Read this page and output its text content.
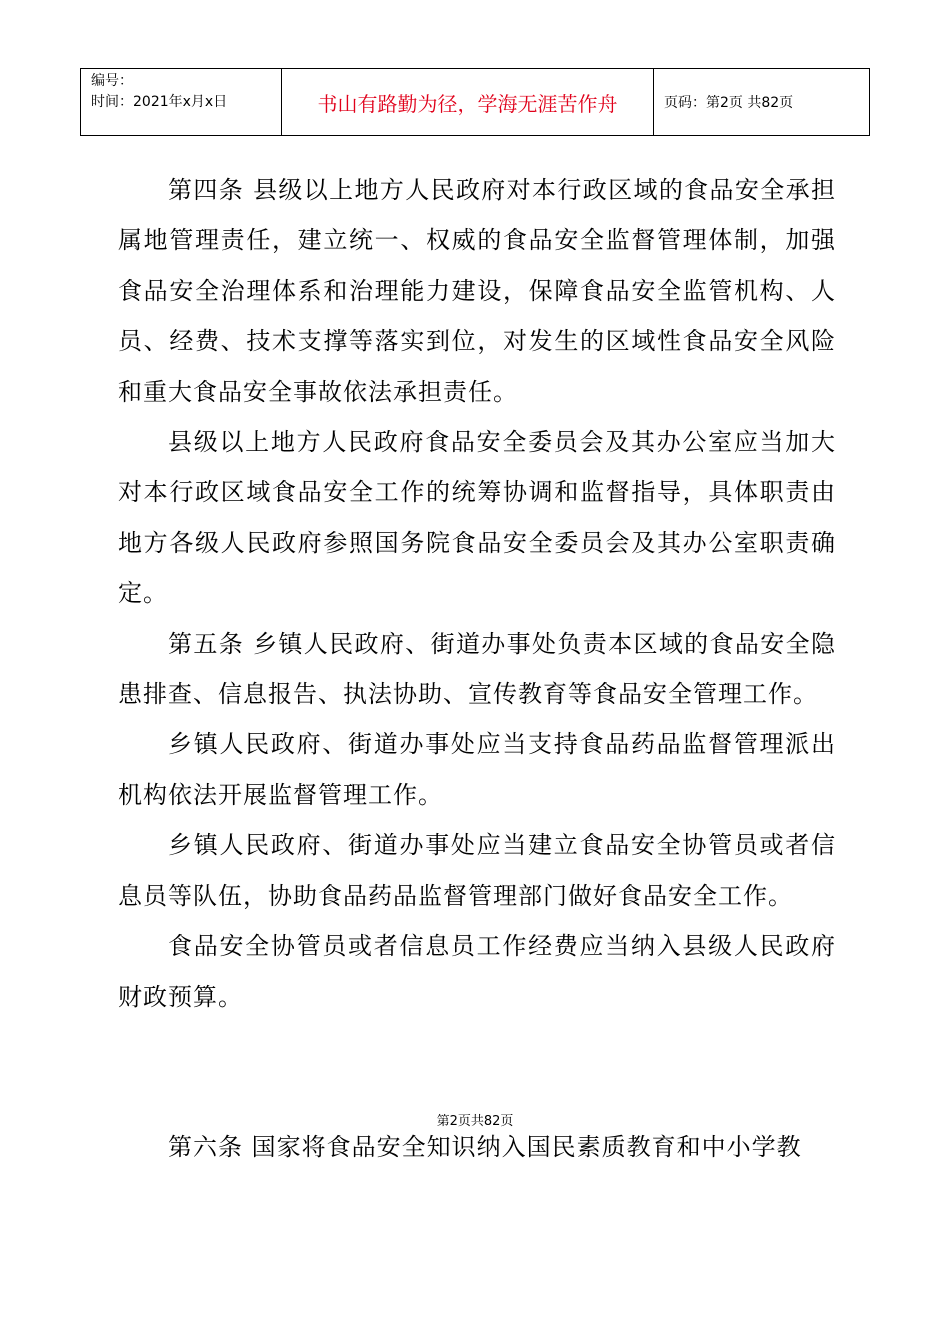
编号：
时间：2021年x月x日	书山有路勤为径，学海无涯苦作舟	页码：第2页 共82页

第四条 县级以上地方人民政府对本行政区域的食品安全承担属地管理责任，建立统一、权威的食品安全监督管理体制，加强食品安全治理体系和治理能力建设，保障食品安全监管机构、人员、经费、技术支撑等落实到位，对发生的区域性食品安全风险和重大食品安全事故依法承担责任。

县级以上地方人民政府食品安全委员会及其办公室应当加大对本行政区域食品安全工作的统筹协调和监督指导，具体职责由地方各级人民政府参照国务院食品安全委员会及其办公室职责确定。

第五条 乡镇人民政府、街道办事处负责本区域的食品安全隐患排查、信息报告、执法协助、宣传教育等食品安全管理工作。

乡镇人民政府、街道办事处应当支持食品药品监督管理派出机构依法开展监督管理工作。

乡镇人民政府、街道办事处应当建立食品安全协管员或者信息员等队伍，协助食品药品监督管理部门做好食品安全工作。

食品安全协管员或者信息员工作经费应当纳入县级人民政府财政预算。

第2页共82页

第六条 国家将食品安全知识纳入国民素质教育和中小学教
